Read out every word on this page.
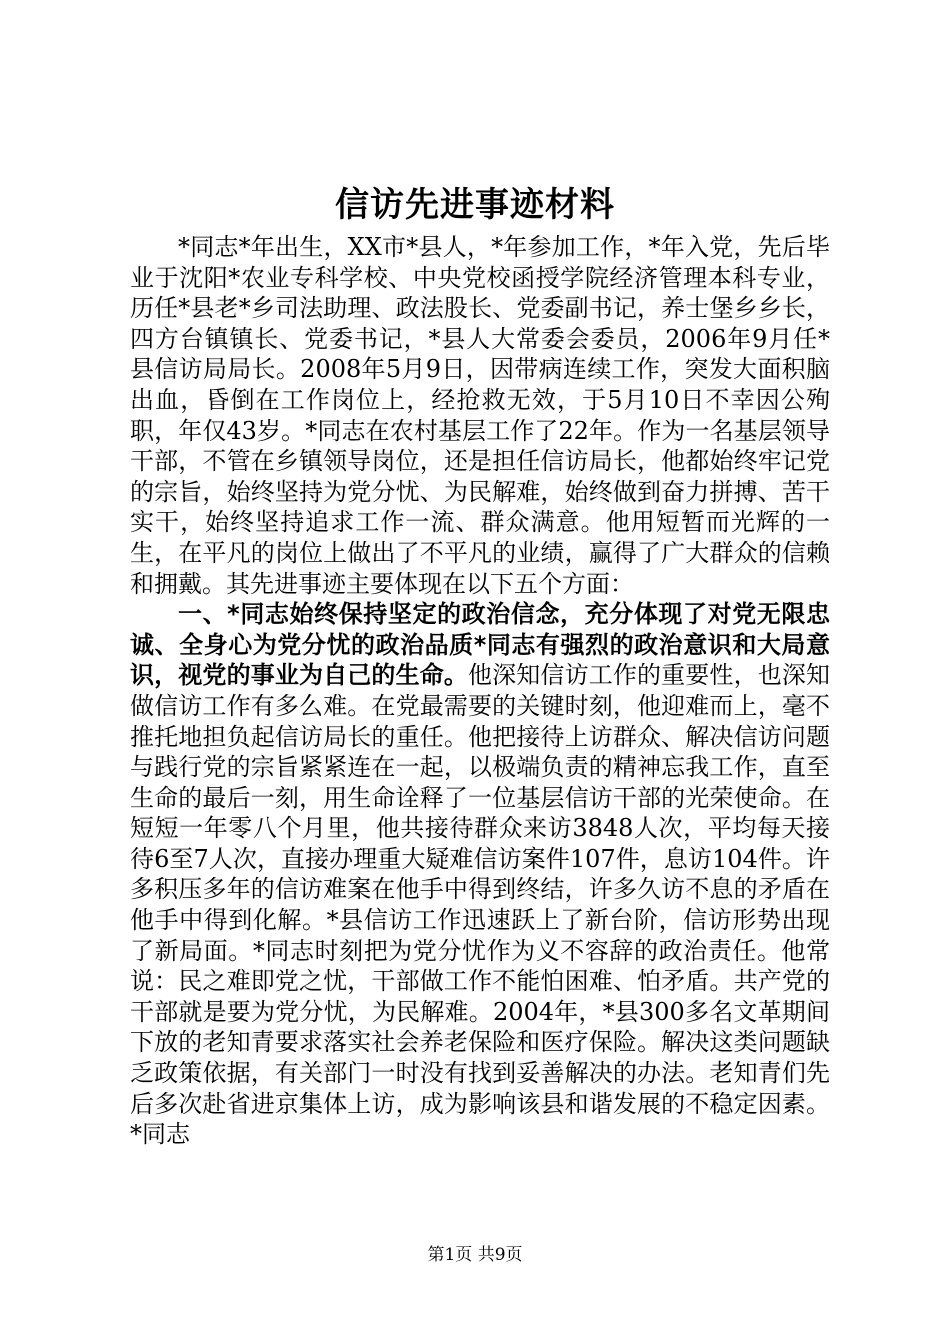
信访先进事迹材料

*同志*年出生，XX市*县人，*年参加工作，*年入党，先后毕业于沈阳*农业专科学校、中央党校函授学院经济管理本科专业，历任*县老*乡司法助理、政法股长、党委副书记，养士堡乡乡长，四方台镇镇长、党委书记，*县人大常委会委员，2006年9月任*县信访局局长。2008年5月9日，因带病连续工作，突发大面积脑出血，昏倒在工作岗位上，经抢救无效，于5月10日不幸因公殉职，年仅43岁。*同志在农村基层工作了22年。作为一名基层领导干部，不管在乡镇领导岗位，还是担任信访局长，他都始终牢记党的宗旨，始终坚持为党分忧、为民解难，始终做到奋力拼搏、苦干实干，始终坚持追求工作一流、群众满意。他用短暂而光辉的一生，在平凡的岗位上做出了不平凡的业绩，赢得了广大群众的信赖和拥戴。其先进事迹主要体现在以下五个方面：

一、*同志始终保持坚定的政治信念，充分体现了对党无限忠诚、全身心为党分忧的政治品质*同志有强烈的政治意识和大局意识，视党的事业为自己的生命。他深知信访工作的重要性，也深知做信访工作有多么难。在党最需要的关键时刻，他迎难而上，毫不推托地担负起信访局长的重任。他把接待上访群众、解决信访问题与践行党的宗旨紧紧连在一起，以极端负责的精神忘我工作，直至生命的最后一刻，用生命诠释了一位基层信访干部的光荣使命。在短短一年零八个月里，他共接待群众来访3848人次，平均每天接待6至7人次，直接办理重大疑难信访案件107件，息访104件。许多积压多年的信访难案在他手中得到终结，许多久访不息的矛盾在他手中得到化解。*县信访工作迅速跃上了新台阶，信访形势出现了新局面。*同志时刻把为党分忧作为义不容辞的政治责任。他常说：民之难即党之忧，干部做工作不能怕困难、怕矛盾。共产党的干部就是要为党分忧，为民解难。2004年，*县300多名文革期间下放的老知青要求落实社会养老保险和医疗保险。解决这类问题缺乏政策依据，有关部门一时没有找到妥善解决的办法。老知青们先后多次赴省进京集体上访，成为影响该县和谐发展的不稳定因素。*同志

第1页 共9页
